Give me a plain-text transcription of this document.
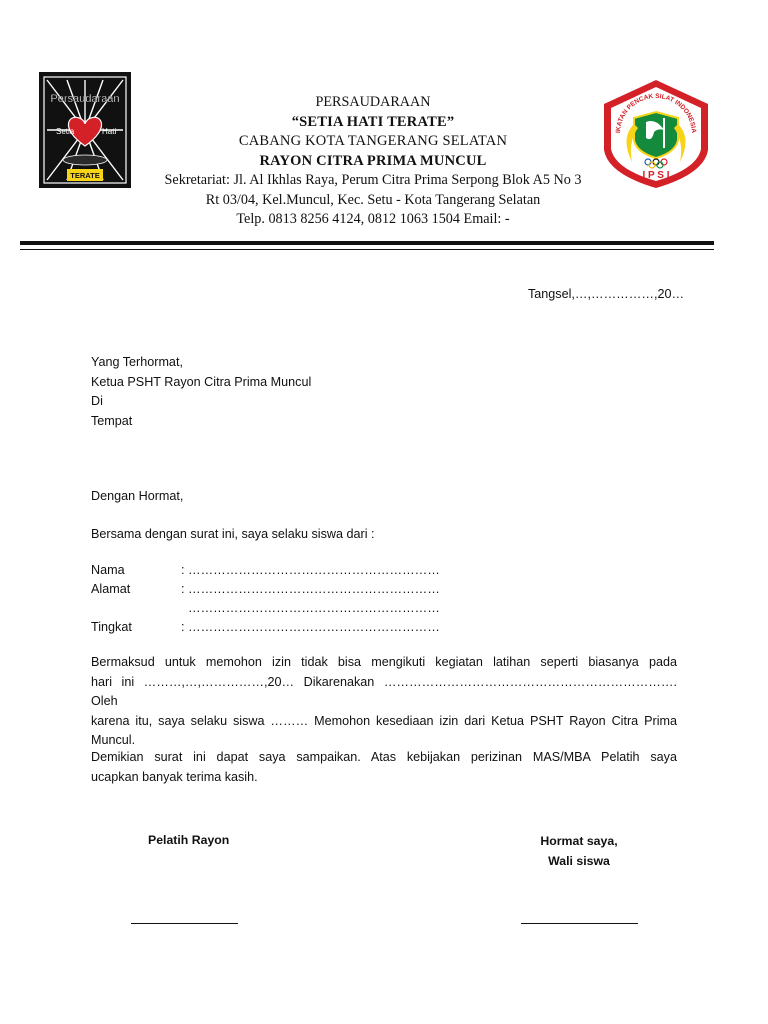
Persaudaraan
Setia	Hati
TERATE
IKATAN PENCAK SILAT INDONESIA
I P S I
PERSAUDARAAN
“SETIA HATI TERATE”
CABANG KOTA TANGERANG SELATAN
RAYON CITRA PRIMA MUNCUL
Sekretariat: Jl. Al Ikhlas Raya, Perum Citra Prima Serpong Blok A5 No 3
Rt 03/04, Kel.Muncul, Kec. Setu - Kota Tangerang Selatan
Telp. 0813 8256 4124, 0812 1063 1504 Email: -
Tangsel,…,……………,20…
Yang Terhormat,
Ketua PSHT Rayon Citra Prima Muncul
Di
Tempat
Dengan Hormat,
Bersama dengan surat ini, saya selaku siswa dari :
Nama	: ……………………………………………………
Alamat	: ……………………………………………………
……………………………………………………
Tingkat	: ……………………………………………………
Bermaksud untuk memohon izin tidak bisa mengikuti kegiatan latihan seperti biasanya pada
hari ini ………,…,……………,20… Dikarenakan ……………………………………………………………. Oleh
karena itu, saya selaku siswa ……… Memohon kesediaan izin dari Ketua PSHT Rayon Citra Prima
Muncul.
Demikian surat ini dapat saya sampaikan. Atas kebijakan perizinan MAS/MBA Pelatih saya
ucapkan banyak terima kasih.
Pelatih Rayon	Hormat saya,
Wali siswa
